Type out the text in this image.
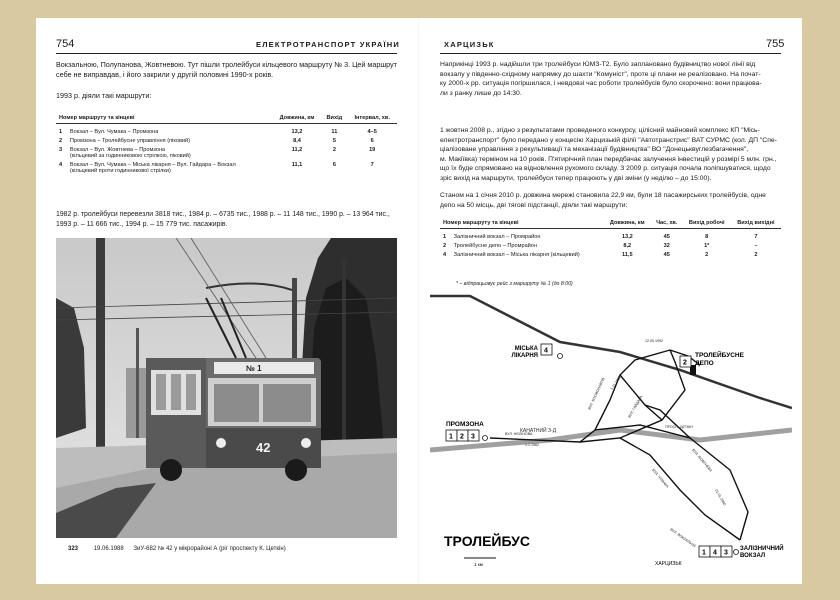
754	ЕЛЕКТРОТРАНСПОРТ УКРАЇНИ

Вокзальною, Полупанова, Жовтневою. Тут пішли тролейбуси кільцевого маршруту № 3. Цей маршрут
себе не виправдав, і його закрили у другій половині 1990-х років.

1993 р. діяли такі маршрути:

Номер маршруту та кінцеві		Довжина, км	Вихід	Інтервал, хв.
1	Вокзал – Вул. Чумака – Промзона	13,2	11	4–5
2	Промзона – Тролейбусне управління (піковий)	8,4	5	6
3	Вокзал – Вул. Жовтнева – Промзона
(кільцевий за годинниковою стрілкою, піковий)	11,2	2	19
4	Вокзал – Вул. Чумака – Міська лікарня – Вул. Гайдара – Вокзал
(кільцевий проти годинникової стрілки)	11,1	6	7

1982 р. тролейбуси перевезли 3818 тис., 1984 р. – 6735 тис., 1988 р. – 11 148 тис., 1990 р. – 13 964 тис.,
1993 р. – 11 666 тис., 1994 р. – 15 779 тис. пасажирів.

№ 1
42
323	19.06.1988 ЗиУ-682 № 42 у мікрорайоні А (рiг проспекту К. Цеткін)
ХАРЦИЗЬК	755

Наприкінці 1993 р. надійшли три тролейбуси ЮМЗ-Т2. Було заплановано будівництво нової лінії від
вокзалу у південно-східному напрямку до шахти "Комуніст", проте ці плани не реалізовано. На почат-
ку 2000-х рр. ситуація погіршилася, і невдовзі час роботи тролейбусів було скорочено: вони працюва-
ли з ранку лише до 14:30.

1 жовтня 2008 р., згідно з результатами проведеного конкурсу, цілісний майновий комплекс КП "Місь-
електротранспорт" було передано у концесію Харцизькій філії "Автотранстрис" ВАТ СУРМС (кол. ДП "Спе-
ціалізоване управління з рекультивації та механізації будівництва" ВО "Донецьквуглезбагачення",
м. Макіївка) терміном на 10 років. П'ятирічний план передбачає залучення інвестицій у розмірі 5 млн. грн.,
що їх буде спрямовано на відновлення рухомого складу. З 2009 р. ситуація почала поліпшуватися, щодо
зріс вихід на маршрути, тролейбуси тепер працюють у дві зміни (у неділю – до 15:00).

Станом на 1 січня 2010 р. довжина мережі становила 22,9 км, були 18 пасажирських тролейбусів, одне
депо на 50 місць, дві тягові підстанції, діяли такі маршрути:

Номер маршруту та кінцеві		Довжина, км	Час, хв.	Вихід робочі	Вихід вихідні
1	Залізничний вокзал – Промрайон	13,2	45	8	7
2	Тролейбусне депо – Промрайон	8,2	32	1*	–
4	Залізничний вокзал – Міська лікарня (кільцевий)	11,5	45	2	2
* – відпрацьовує рейс з маршруту № 1 (до 8:00)
КАНАТНИЙ З-Д
ПРОМЗОНА
1 2 3
МІСЬКА
ЛІКАРНЯ
4
2
ТРОЛЕЙБУСНЕ
ДЕПО
1 4 3
ЗАЛІЗНИЧНИЙ
ВОКЗАЛ
ВУЛ. НЄЛІНОВА
1.1.1962
12.05.1992
ВУЛ. КОСМОНАВТІВ	ВУЛ. ГАЙДАРА
ВУЛ. ЧУМАКА
ВУЛ. ЖОВТНЕВА
ПРОСП. ЦЕТКІН
ВУЛ. ВОКЗАЛЬНА
1.11.1982
01.01.1990
ТРОЛЕЙБУС
1 км	ХАРЦИЗЬК
